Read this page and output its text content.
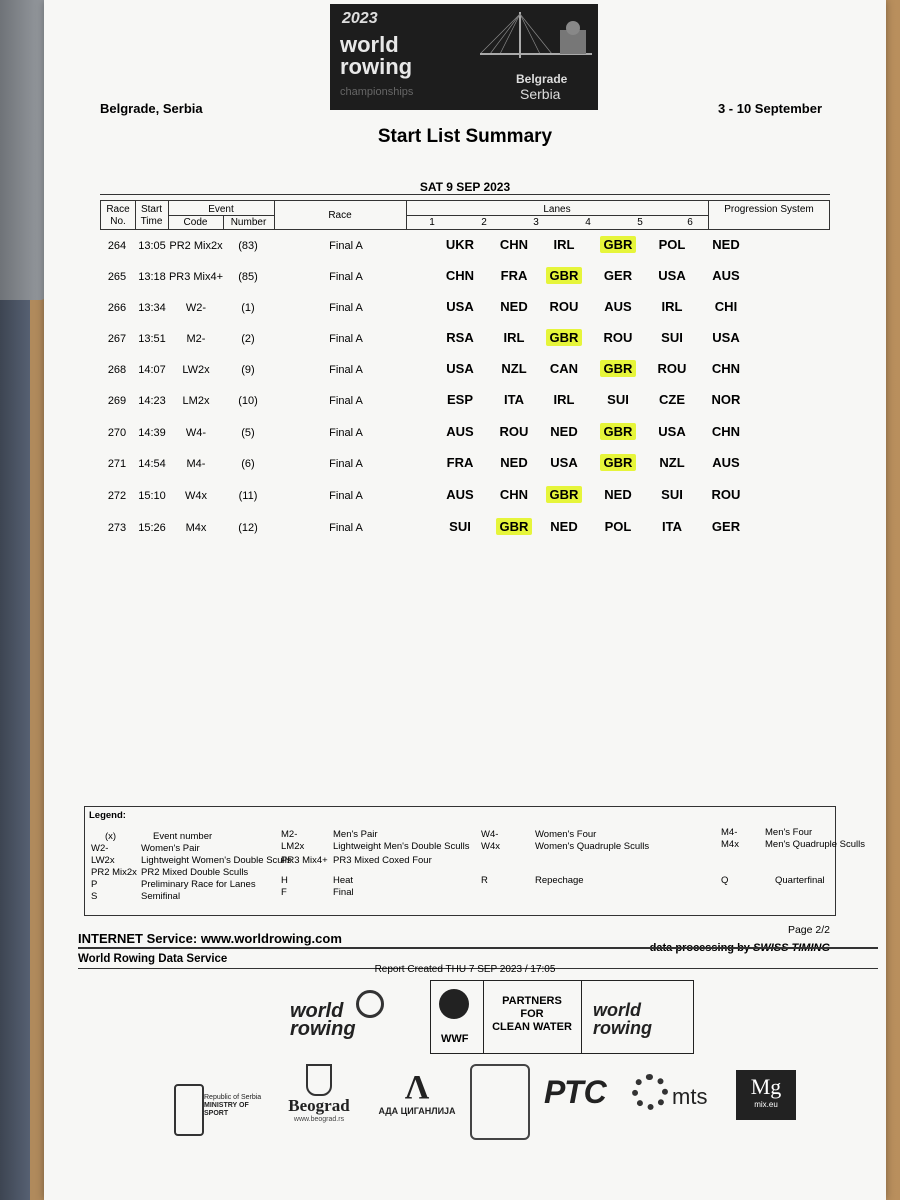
2023
world
rowing
championships
Belgrade
Serbia
Belgrade, Serbia	3 - 10 September
Start List Summary
SAT 9 SEP 2023
Race No.
Start Time
Event
Code	Number
Race
Lanes
1	2	3	4	5	6
Progression System
264	13:05 PR2 Mix2x	(83)	Final A	UKR	CHN	IRL	GBR	POL	NED
265	13:18 PR3 Mix4+	(85)	Final A	CHN	FRA	GBR	GER	USA	AUS
266	13:34	W2-	(1)	Final A	USA	NED	ROU	AUS	IRL	CHI
267	13:51	M2-	(2)	Final A	RSA	IRL	GBR	ROU	SUI	USA
268	14:07	LW2x	(9)	Final A	USA	NZL	CAN	GBR	ROU	CHN
269	14:23	LM2x	(10)	Final A	ESP	ITA	IRL	SUI	CZE	NOR
270	14:39	W4-	(5)	Final A	AUS	ROU	NED	GBR	USA	CHN
271	14:54	M4-	(6)	Final A	FRA	NED	USA	GBR	NZL	AUS
272	15:10	W4x	(11)	Final A	AUS	CHN	GBR	NED	SUI	ROU
273	15:26	M4x	(12)	Final A	SUI	GBR	NED	POL	ITA	GER
Legend:
(x)	Event number
W2-	Women's Pair
LW2x	Lightweight Women's Double Sculls
PR2 Mix2x PR2 Mixed Double Sculls
M2-	Men's Pair
LM2x	Lightweight Men's Double Sculls
PR3 Mix4+ PR3 Mixed Coxed Four
W4-	Women's Four
W4x	Women's Quadruple Sculls
M4-	Men's Four
M4x	Men's Quadruple Sculls
P	Preliminary Race for Lanes
S	Semifinal
H	Heat
F	Final
R	Repechage	Q	Quarterfinal
Page 2/2
INTERNET Service: www.worldrowing.com
World Rowing Data Service
Report Created THU 7 SEP 2023 / 17:05
world
rowing	WWF
PARTNERS
FOR
CLEAN WATER
world
rowing
Republic of Serbia
MINISTRY OF
SPORT	Beograd
www.beograd.rs
Λ
АДА ЦИГАНЛИЈА
РТС	mts	Mg
mix.eu
